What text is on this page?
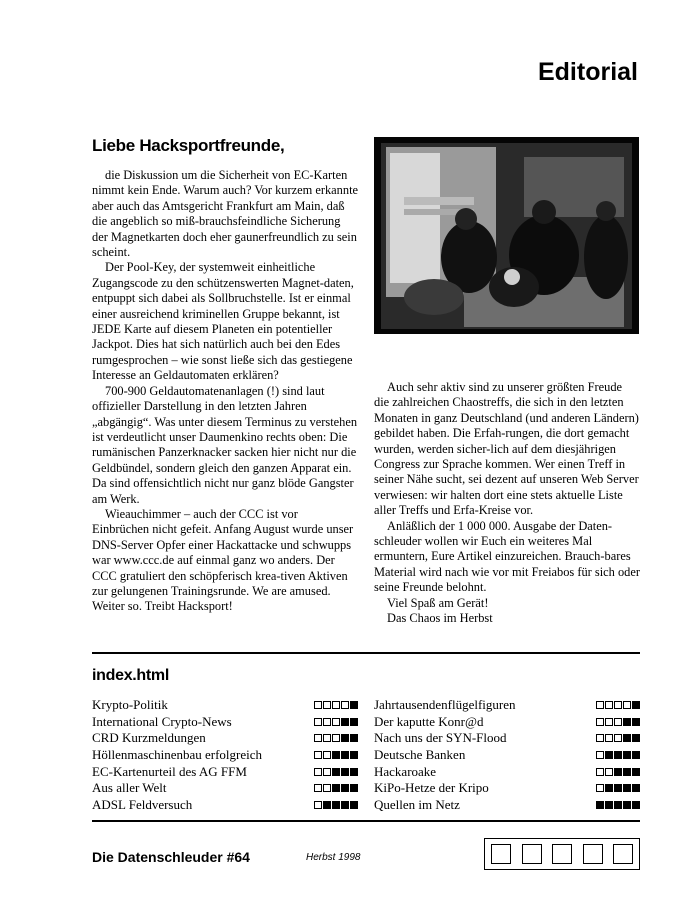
Editorial
Liebe Hacksportfreunde,

die Diskussion um die Sicherheit von EC-Karten nimmt kein Ende. Warum auch? Vor kurzem erkannte aber auch das Amtsgericht Frankfurt am Main, daß die angeblich so miß-brauchsfeindliche Sicherung der Magnetkarten doch eher gaunerfreundlich zu sein scheint.

Der Pool-Key, der systemweit einheitliche Zugangscode zu den schützenswerten Magnet-daten, entpuppt sich dabei als Sollbruchstelle. Ist er einmal einer ausreichend kriminellen Gruppe bekannt, ist JEDE Karte auf diesem Planeten ein potentieller Jackpot. Dies hat sich natürlich auch bei den Edes rumgesprochen – wie sonst ließe sich das gestiegene Interesse an Geldautomaten erklären?

700-900 Geldautomatenanlagen (!) sind laut offizieller Darstellung in den letzten Jahren „abgängig“. Was unter diesem Terminus zu verstehen ist verdeutlicht unser Daumenkino rechts oben: Die rumänischen Panzerknacker sacken hier nicht nur die Geldbündel, sondern gleich den ganzen Apparat ein. Da sind offensichtlich nicht nur ganz blöde Gangster am Werk.

Wieauchimmer – auch der CCC ist vor Einbrüchen nicht gefeit. Anfang August wurde unser DNS-Server Opfer einer Hackattacke und schwupps war www.ccc.de auf einmal ganz wo anders. Der CCC gratuliert den schöpferisch krea-tiven Aktiven zur gelungenen Trainingsrunde. We are amused. Weiter so. Treibt Hacksport!

Auch sehr aktiv sind zu unserer größten Freude die zahlreichen Chaostreffs, die sich in den letzten Monaten in ganz Deutschland (und anderen Ländern) gebildet haben. Die Erfah-rungen, die dort gemacht wurden, werden sicher-lich auf dem diesjährigen Congress zur Sprache kommen. Wer einen Treff in seiner Nähe sucht, sei dezent auf unseren Web Server verwiesen: wir halten dort eine stets aktuelle Liste aller Treffs und Erfa-Kreise vor.

Anläßlich der 1 000 000. Ausgabe der Daten-schleuder wollen wir Euch ein weiteres Mal ermuntern, Eure Artikel einzureichen. Brauch-bares Material wird nach wie vor mit Freiabos für sich oder seine Freunde belohnt.

Viel Spaß am Gerät!

Das Chaos im Herbst

index.html
Krypto-Politik
International Crypto-News
CRD Kurzmeldungen
Höllenmaschinenbau erfolgreich
EC-Kartenurteil des AG FFM
Aus aller Welt
ADSL Feldversuch
Jahrtausendenflügelfiguren
Der kaputte Konr@d
Nach uns der SYN-Flood
Deutsche Banken
Hackaroake
KiPo-Hetze der Kripo
Quellen im Netz
Die Datenschleuder #64	Herbst 1998
